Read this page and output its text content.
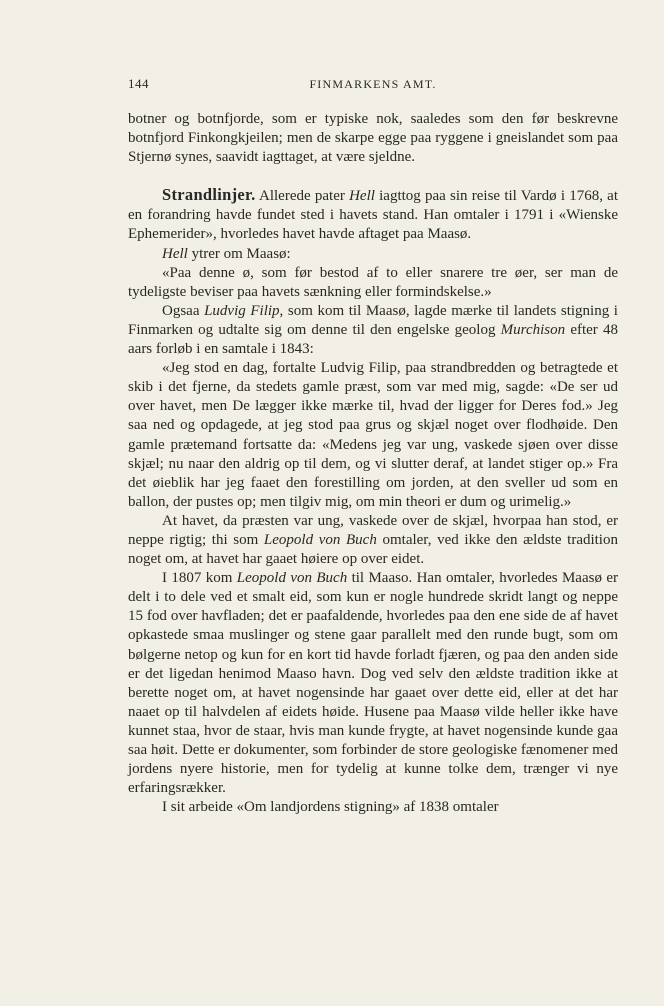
144	FINMARKENS AMT.

botner og botnfjorde, som er typiske nok, saaledes som den før beskrevne botnfjord Finkongkjeilen; men de skarpe egge paa ryggene i gneislandet som paa Stjernø synes, saavidt iagttaget, at være sjeldne.

Strandlinjer. Allerede pater Hell iagttog paa sin reise til Vardø i 1768, at en forandring havde fundet sted i havets stand. Han omtaler i 1791 i «Wienske Ephemerider», hvorledes havet havde aftaget paa Maasø.

Hell ytrer om Maasø:

«Paa denne ø, som før bestod af to eller snarere tre øer, ser man de tydeligste beviser paa havets sænkning eller formindskelse.»

Ogsaa Ludvig Filip, som kom til Maasø, lagde mærke til landets stigning i Finmarken og udtalte sig om denne til den engelske geolog Murchison efter 48 aars forløb i en samtale i 1843:

«Jeg stod en dag, fortalte Ludvig Filip, paa strandbredden og betragtede et skib i det fjerne, da stedets gamle præst, som var med mig, sagde: «De ser ud over havet, men De lægger ikke mærke til, hvad der ligger for Deres fod.» Jeg saa ned og opdagede, at jeg stod paa grus og skjæl noget over flodhøide. Den gamle prætemand fortsatte da: «Medens jeg var ung, vaskede sjøen over disse skjæl; nu naar den aldrig op til dem, og vi slutter deraf, at landet stiger op.» Fra det øieblik har jeg faaet den forestilling om jorden, at den sveller ud som en ballon, der pustes op; men tilgiv mig, om min theori er dum og urimelig.»

At havet, da præsten var ung, vaskede over de skjæl, hvorpaa han stod, er neppe rigtig; thi som Leopold von Buch omtaler, ved ikke den ældste tradition noget om, at havet har gaaet høiere op over eidet.

I 1807 kom Leopold von Buch til Maaso. Han omtaler, hvorledes Maasø er delt i to dele ved et smalt eid, som kun er nogle hundrede skridt langt og neppe 15 fod over havfladen; det er paafaldende, hvorledes paa den ene side de af havet opkastede smaa muslinger og stene gaar parallelt med den runde bugt, som om bølgerne netop og kun for en kort tid havde forladt fjæren, og paa den anden side er det ligedan henimod Maaso havn. Dog ved selv den ældste tradition ikke at berette noget om, at havet nogensinde har gaaet over dette eid, eller at det har naaet op til halvdelen af eidets høide. Husene paa Maasø vilde heller ikke have kunnet staa, hvor de staar, hvis man kunde frygte, at havet nogensinde kunde gaa saa høit. Dette er dokumenter, som forbinder de store geologiske fænomener med jordens nyere historie, men for tydelig at kunne tolke dem, trænger vi nye erfaringsrækker.

I sit arbeide «Om landjordens stigning» af 1838 omtaler
